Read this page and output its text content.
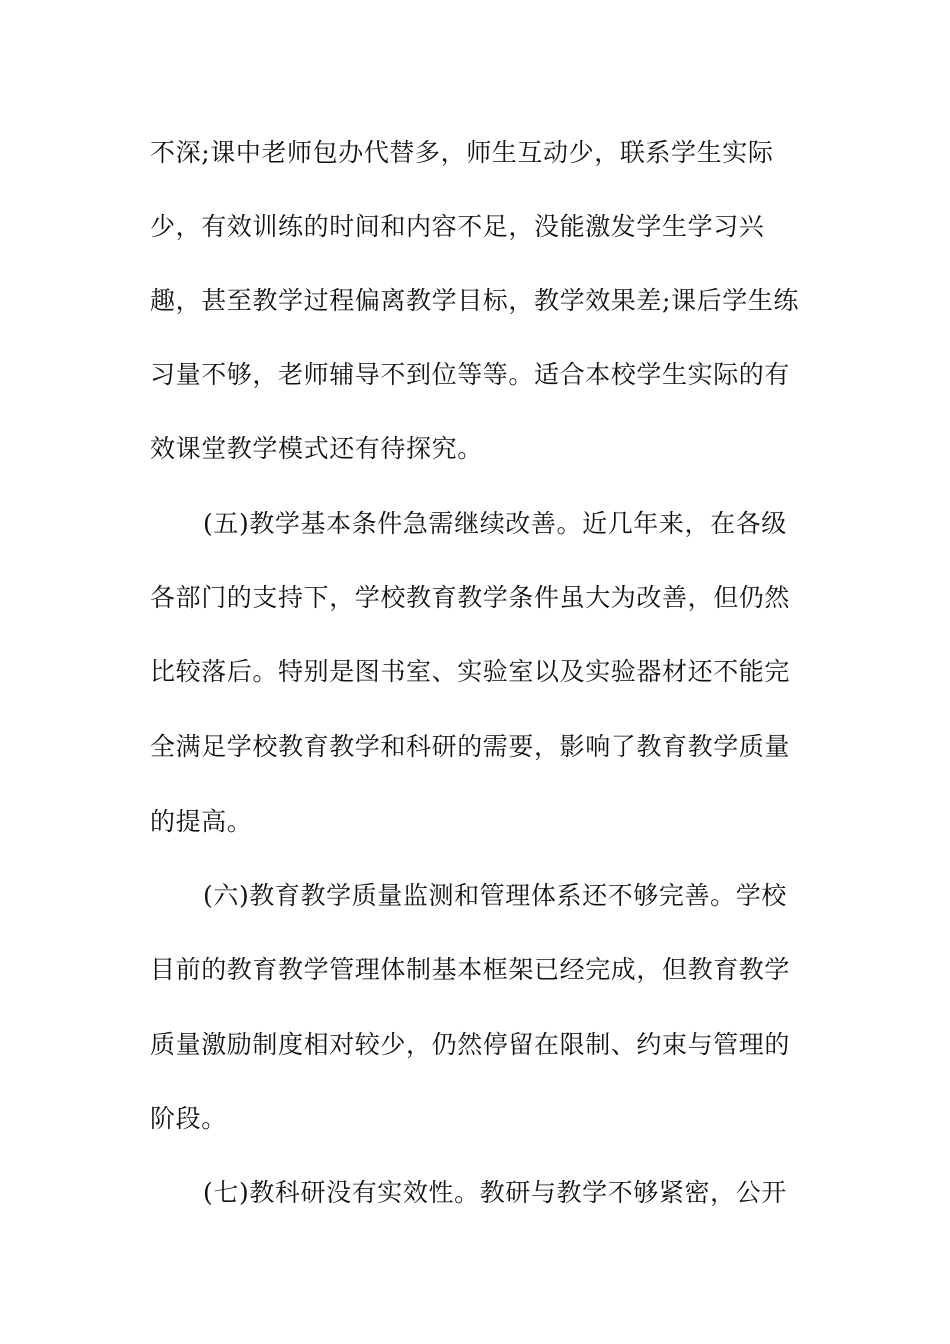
不深;课中老师包办代替多，师生互动少，联系学生实际

少，有效训练的时间和内容不足，没能激发学生学习兴

趣，甚至教学过程偏离教学目标，教学效果差;课后学生练

习量不够，老师辅导不到位等等。适合本校学生实际的有

效课堂教学模式还有待探究。

(五)教学基本条件急需继续改善。近几年来，在各级

各部门的支持下，学校教育教学条件虽大为改善，但仍然

比较落后。特别是图书室、实验室以及实验器材还不能完

全满足学校教育教学和科研的需要，影响了教育教学质量

的提高。

(六)教育教学质量监测和管理体系还不够完善。学校

目前的教育教学管理体制基本框架已经完成，但教育教学

质量激励制度相对较少，仍然停留在限制、约束与管理的

阶段。

(七)教科研没有实效性。教研与教学不够紧密，公开
